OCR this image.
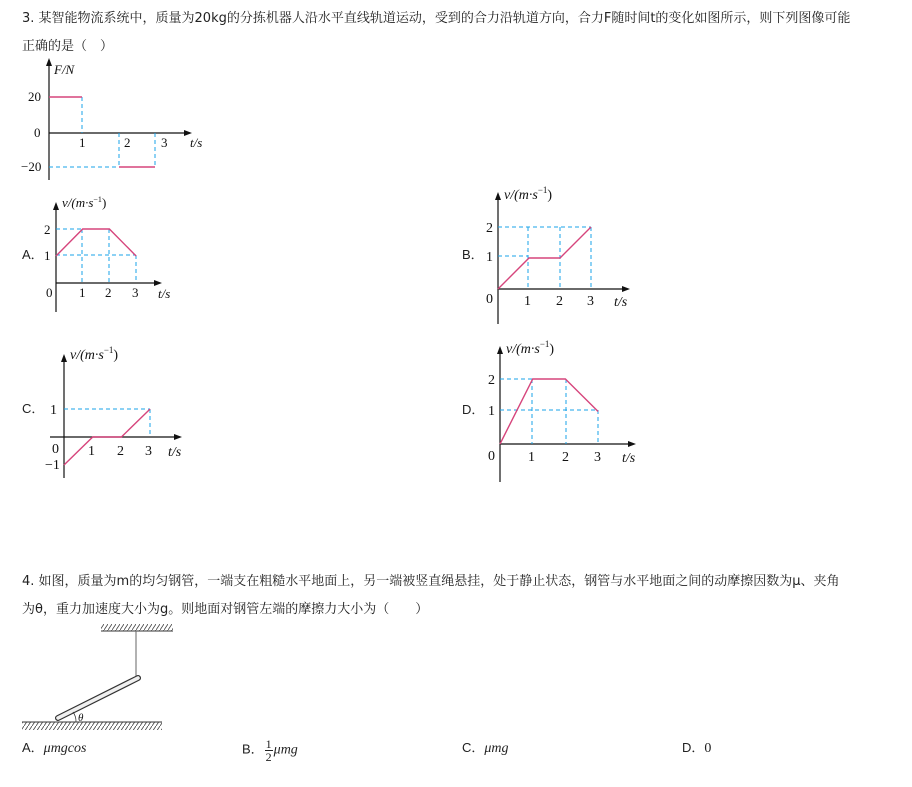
3. 某智能物流系统中，质量为20kg的分拣机器人沿水平直线轨道运动，受到的合力沿轨道方向，合力F随时间t的变化如图所示，则下列图像可能
正确的是（　）
F/N
t/s
20
0
−20
1	2 3
A．
$v/(m\cdot s^{-1})$
2
1
0 1 2 3 t/s
B．
$v/(m\cdot s^{-1})$
2
1
0 1 2 3 t/s
C．
$v/(m\cdot s^{-1})$
1
0
−1
1 2 3 t/s
D．
$v/(m\cdot s^{-1})$
2
1
0 1 2 3 t/s
4. 如图，质量为m的均匀钢管，一端支在粗糙水平地面上，另一端被竖直绳悬挂，处于静止状态，钢管与水平地面之间的动摩擦因数为μ、夹角
为θ，重力加速度大小为g。则地面对钢管左端的摩擦力大小为（　　）
θ
A．μmgcos	B． $\frac{1}{2}$ μmg	C．μmg	D．0
